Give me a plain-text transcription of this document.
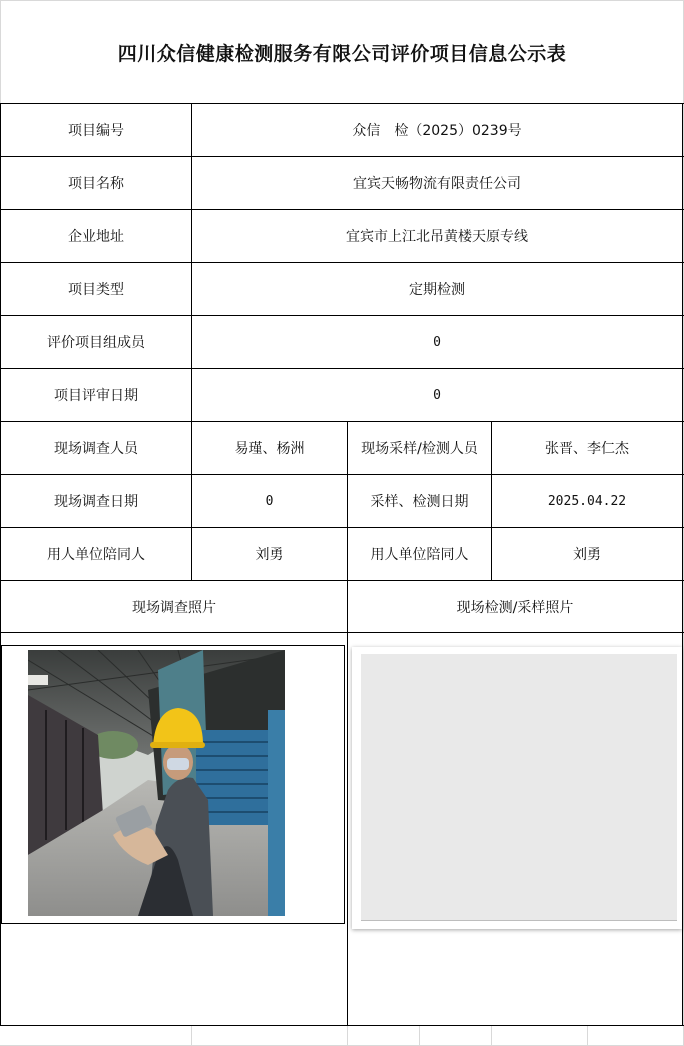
四川众信健康检测服务有限公司评价项目信息公示表
项目编号	众信　检（2025）0239号
项目名称	宜宾天畅物流有限责任公司
企业地址	宜宾市上江北吊黄楼天原专线
项目类型	定期检测
评价项目组成员	0
项目评审日期	0
现场调查人员	易瑾、杨洲	现场采样/检测人员	张晋、李仁杰
现场调查日期	0	采样、检测日期	2025.04.22
用人单位陪同人	刘勇	用人单位陪同人	刘勇
现场调查照片	现场检测/采样照片
